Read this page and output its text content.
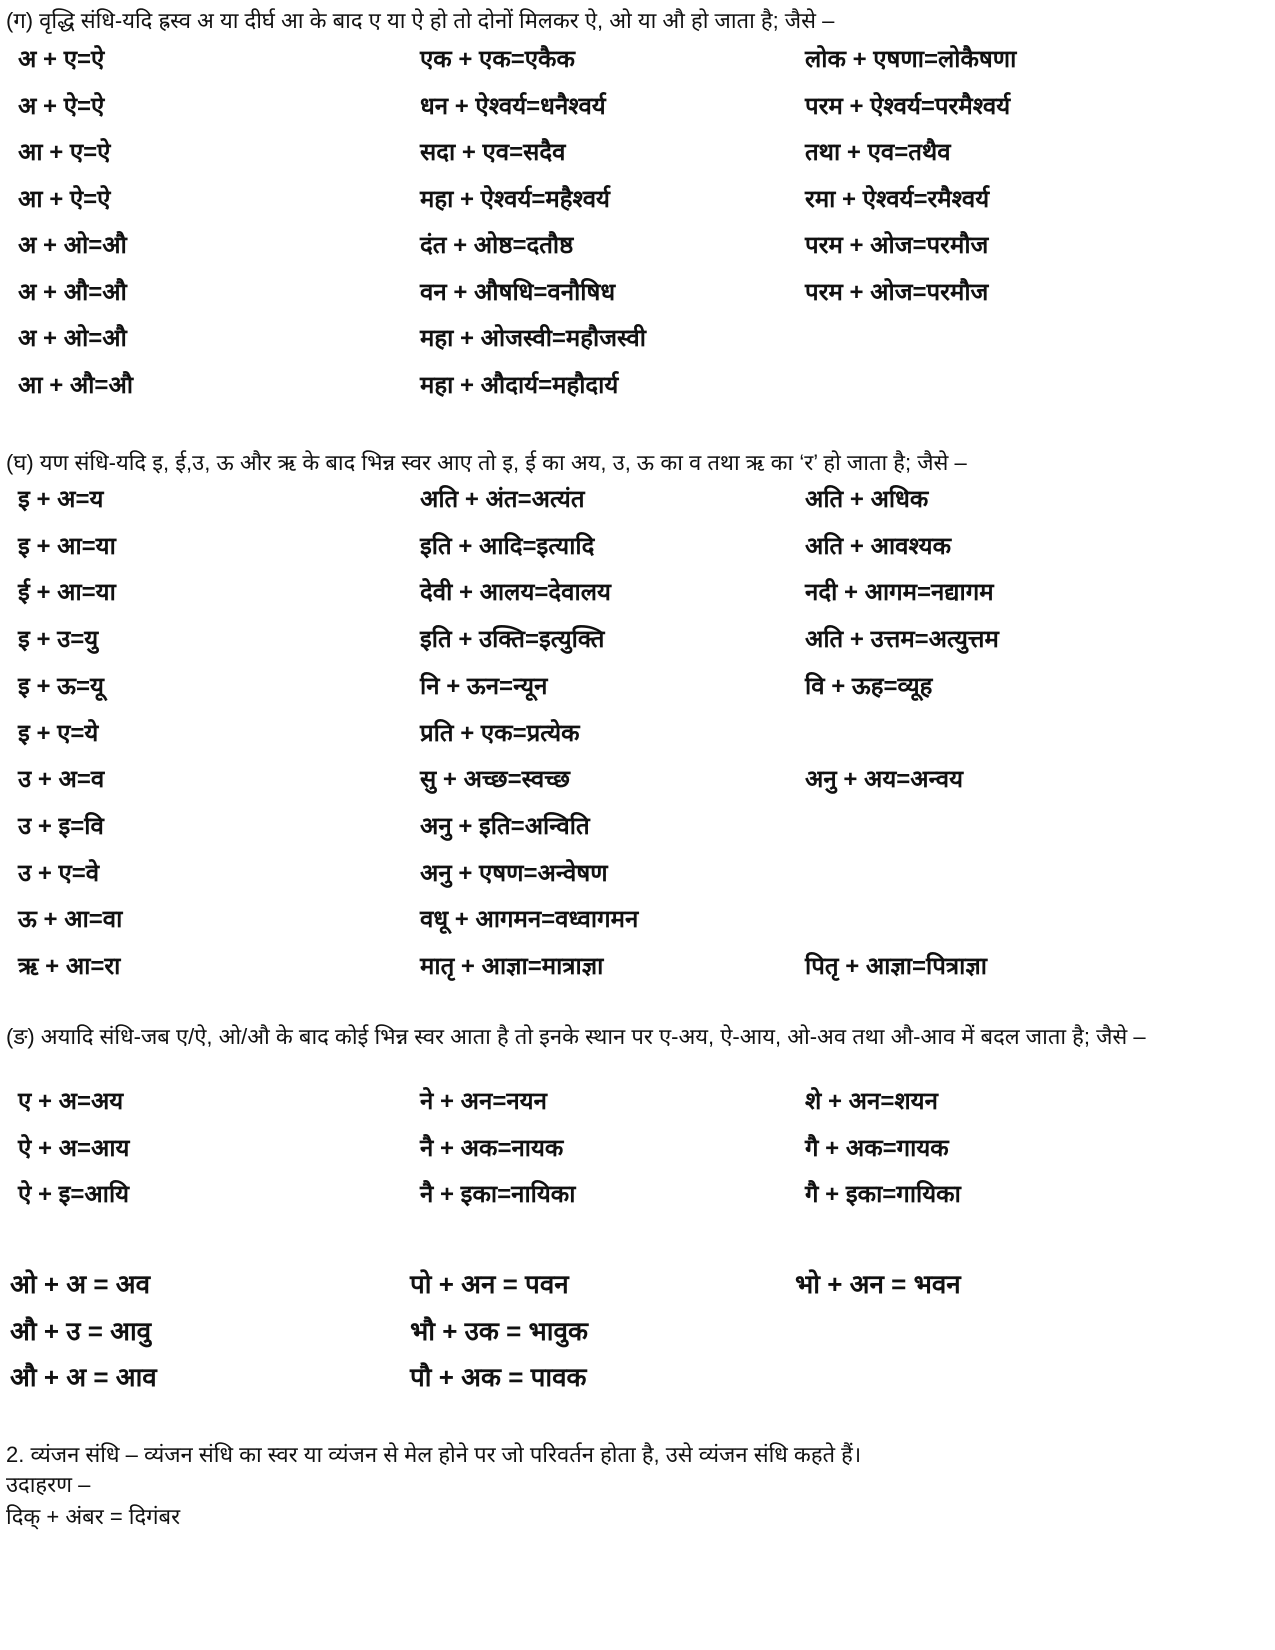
(ग) वृद्धि संधि-यदि ह्रस्व अ या दीर्घ आ के बाद ए या ऐ हो तो दोनों मिलकर ऐ, ओ या औ हो जाता है; जैसे –
अ + ए=ऐ	एक + एक=एकैक	लोक + एषणा=लोकैषणा
अ + ऐ=ऐ	धन + ऐश्वर्य=धनैश्वर्य	परम + ऐश्वर्य=परमैश्वर्य
आ + ए=ऐ	सदा + एव=सदैव	तथा + एव=तथैव
आ + ऐ=ऐ	महा + ऐश्वर्य=महैश्वर्य	रमा + ऐश्वर्य=रमैश्वर्य
अ + ओ=औ	दंत + ओष्ठ=दतौष्ठ	परम + ओज=परमौज
अ + औ=औ	वन + औषधि=वनौषिध	परम + ओज=परमौज
अ + ओ=औ	महा + ओजस्वी=महौजस्वी
आ + औ=औ	महा + औदार्य=महौदार्य
(घ) यण संधि-यदि इ, ई,उ, ऊ और ऋ के बाद भिन्न स्वर आए तो इ, ई का अय, उ, ऊ का व तथा ऋ का ‘र’ हो जाता है; जैसे –
इ + अ=य	अति + अंत=अत्यंत	अति + अधिक
इ + आ=या	इति + आदि=इत्यादि	अति + आवश्यक
ई + आ=या	देवी + आलय=देवालय	नदी + आगम=नद्यागम
इ + उ=यु	इति + उक्ति=इत्युक्ति	अति + उत्तम=अत्युत्तम
इ + ऊ=यू	नि + ऊन=न्यून	वि + ऊह=व्यूह
इ + ए=ये	प्रति + एक=प्रत्येक
उ + अ=व	सु + अच्छ=स्वच्छ	अनु + अय=अन्वय
उ + इ=वि	अनु + इति=अन्विति
उ + ए=वे	अनु + एषण=अन्वेषण
ऊ + आ=वा	वधू + आगमन=वध्वागमन
ऋ + आ=रा	मातृ + आज्ञा=मात्राज्ञा	पितृ + आज्ञा=पित्राज्ञा
(ङ) अयादि संधि-जब ए/ऐ, ओ/औ के बाद कोई भिन्न स्वर आता है तो इनके स्थान पर ए-अय, ऐ-आय, ओ-अव तथा औ-आव में बदल जाता है; जैसे –
ए + अ=अय	ने + अन=नयन	शे + अन=शयन
ऐ + अ=आय	नै + अक=नायक	गै + अक=गायक
ऐ + इ=आयि	नै + इका=नायिका	गै + इका=गायिका
ओ + अ = अव	पो + अन = पवन	भो + अन = भवन
औ + उ = आवु	भौ + उक = भावुक
औ + अ = आव	पौ + अक = पावक
2. व्यंजन संधि – व्यंजन संधि का स्वर या व्यंजन से मेल होने पर जो परिवर्तन होता है, उसे व्यंजन संधि कहते हैं।
उदाहरण –
दिक् + अंबर = दिगंबर
